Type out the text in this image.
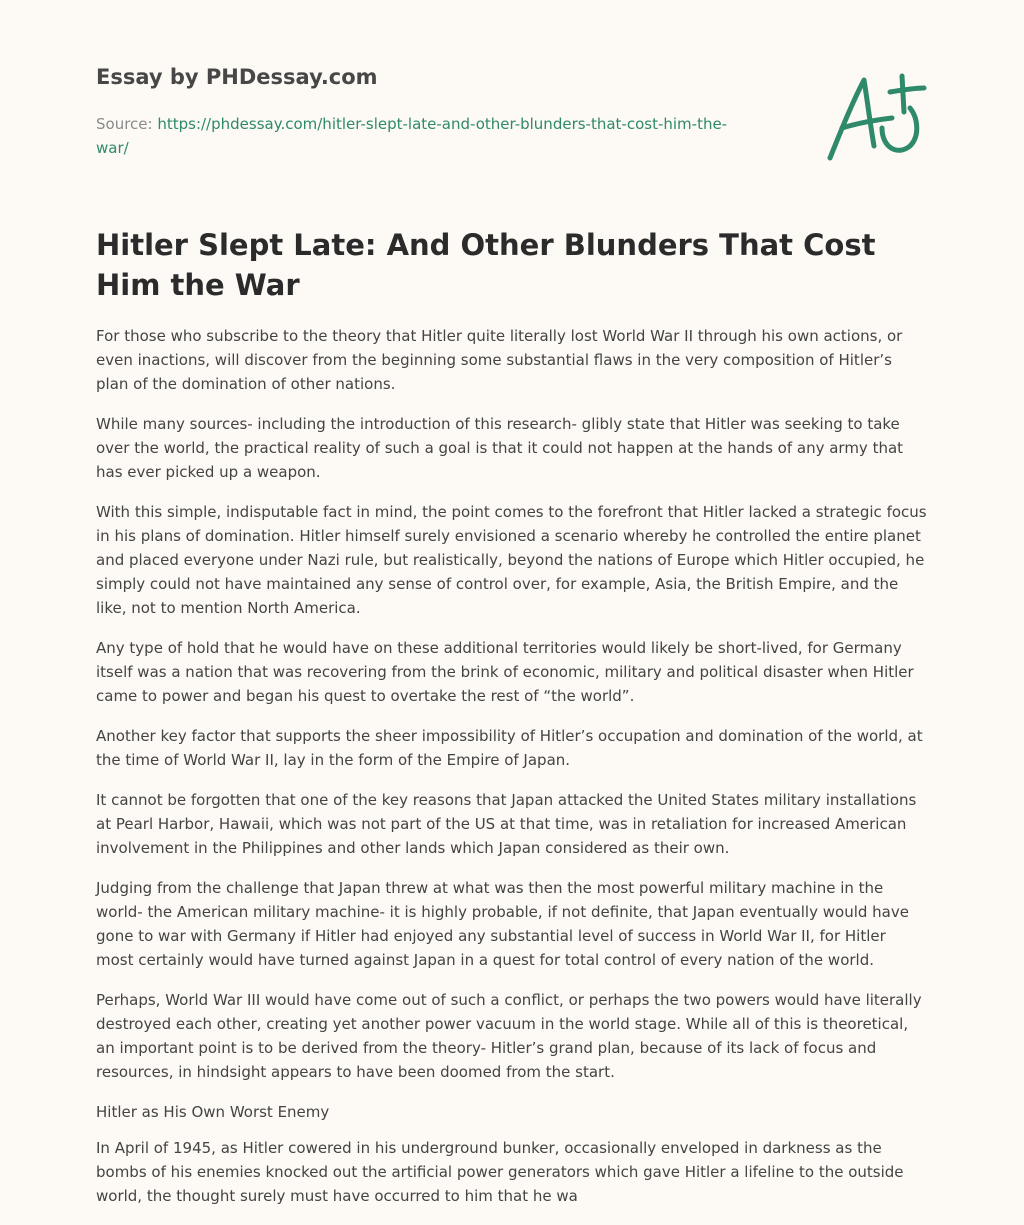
Essay by PHDessay.com
Source: https://phdessay.com/hitler-slept-late-and-other-blunders-that-cost-him-the-war/
Hitler Slept Late: And Other Blunders That Cost Him the War

For those who subscribe to the theory that Hitler quite literally lost World War II through his own actions, or even inactions, will discover from the beginning some substantial flaws in the very composition of Hitler’s plan of the domination of other nations.

While many sources- including the introduction of this research- glibly state that Hitler was seeking to take over the world, the practical reality of such a goal is that it could not happen at the hands of any army that has ever picked up a weapon.

With this simple, indisputable fact in mind, the point comes to the forefront that Hitler lacked a strategic focus in his plans of domination. Hitler himself surely envisioned a scenario whereby he controlled the entire planet and placed everyone under Nazi rule, but realistically, beyond the nations of Europe which Hitler occupied, he simply could not have maintained any sense of control over, for example, Asia, the British Empire, and the like, not to mention North America.

Any type of hold that he would have on these additional territories would likely be short-lived, for Germany itself was a nation that was recovering from the brink of economic, military and political disaster when Hitler came to power and began his quest to overtake the rest of “the world”.

Another key factor that supports the sheer impossibility of Hitler’s occupation and domination of the world, at the time of World War II, lay in the form of the Empire of Japan.

It cannot be forgotten that one of the key reasons that Japan attacked the United States military installations at Pearl Harbor, Hawaii, which was not part of the US at that time, was in retaliation for increased American involvement in the Philippines and other lands which Japan considered as their own.

Judging from the challenge that Japan threw at what was then the most powerful military machine in the world- the American military machine- it is highly probable, if not definite, that Japan eventually would have gone to war with Germany if Hitler had enjoyed any substantial level of success in World War II, for Hitler most certainly would have turned against Japan in a quest for total control of every nation of the world.

Perhaps, World War III would have come out of such a conflict, or perhaps the two powers would have literally destroyed each other, creating yet another power vacuum in the world stage. While all of this is theoretical, an important point is to be derived from the theory- Hitler’s grand plan, because of its lack of focus and resources, in hindsight appears to have been doomed from the start.

Hitler as His Own Worst Enemy

In April of 1945, as Hitler cowered in his underground bunker, occasionally enveloped in darkness as the bombs of his enemies knocked out the artificial power generators which gave Hitler a lifeline to the outside world, the thought surely must have occurred to him that he wa
